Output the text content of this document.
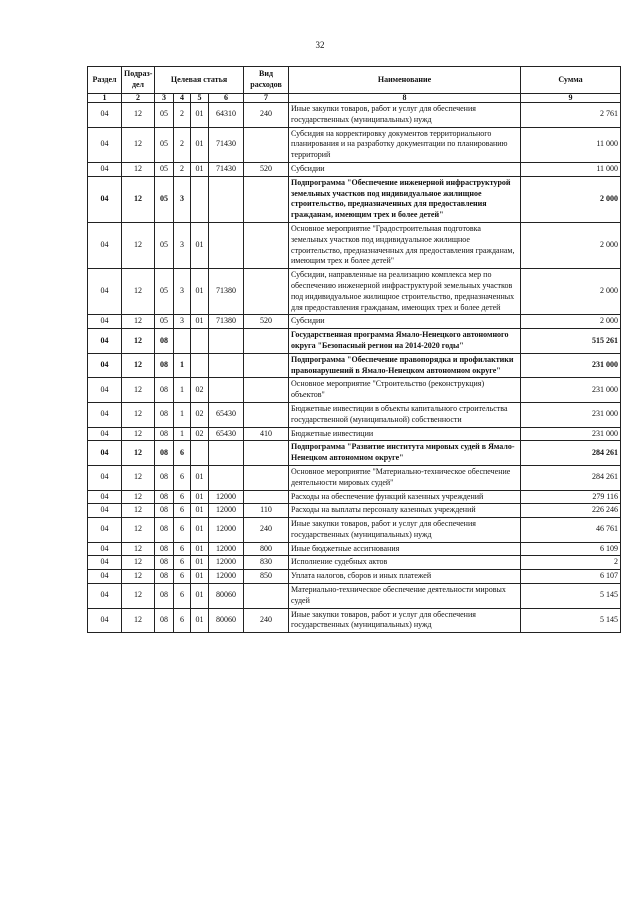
32
Раздел	Подраз-дел	Целевая статья				Вид расходов	Наименование	Сумма
1	2	3	4	5	6	7	8	9
04	12	05	2	01	64310	240	Иные закупки товаров, работ и услуг для обеспечения государственных (муниципальных) нужд	2 761
04	12	05	2	01	71430		Субсидия на корректировку документов территориального планирования и на разработку документации по планированию территорий	11 000
04	12	05	2	01	71430	520	Субсидии	11 000
04	12	05	3				Подпрограмма "Обеспечение инженерной инфраструктурой земельных участков под индивидуальное жилищное строительство, предназначенных для предоставления гражданам, имеющим трех и более детей"	2 000
04	12	05	3	01			Основное мероприятие "Градостроительная подготовка земельных участков под индивидуальное жилищное строительство, предназначенных для предоставления гражданам, имеющим трех и более детей"	2 000
04	12	05	3	01	71380		Субсидии, направленные на реализацию комплекса мер по обеспечению инженерной инфраструктурой земельных участков под индивидуальное жилищное строительство, предназначенных для предоставления гражданам, имеющих трех и более детей	2 000
04	12	05	3	01	71380	520	Субсидии	2 000
04	12	08					Государственная программа Ямало-Ненецкого автономного округа "Безопасный регион на 2014-2020 годы"	515 261
04	12	08	1				Подпрограмма "Обеспечение правопорядка и профилактики правонарушений в Ямало-Ненецком автономном округе"	231 000
04	12	08	1	02			Основное мероприятие "Строительство (реконструкция) объектов"	231 000
04	12	08	1	02	65430		Бюджетные инвестиции в объекты капитального строительства государственной (муниципальной) собственности	231 000
04	12	08	1	02	65430	410	Бюджетные инвестиции	231 000
04	12	08	6				Подпрограмма "Развитие института мировых судей в Ямало-Ненецком автономном округе"	284 261
04	12	08	6	01			Основное мероприятие "Материально-техническое обеспечение деятельности мировых судей"	284 261
04	12	08	6	01	12000		Расходы на обеспечение функций казенных учреждений	279 116
04	12	08	6	01	12000	110	Расходы на выплаты персоналу казенных учреждений	226 246
04	12	08	6	01	12000	240	Иные закупки товаров, работ и услуг для обеспечения государственных (муниципальных) нужд	46 761
04	12	08	6	01	12000	800	Иные бюджетные ассигнования	6 109
04	12	08	6	01	12000	830	Исполнение судебных актов	2
04	12	08	6	01	12000	850	Уплата налогов, сборов и иных платежей	6 107
04	12	08	6	01	80060		Материально-техническое обеспечение деятельности мировых судей	5 145
04	12	08	6	01	80060	240	Иные закупки товаров, работ и услуг для обеспечения государственных (муниципальных) нужд	5 145
